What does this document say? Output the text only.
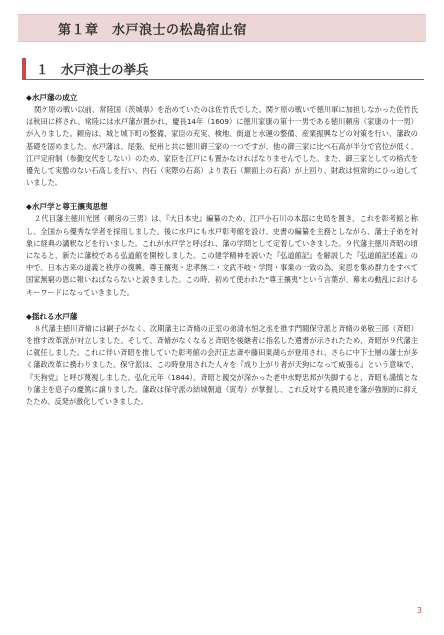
第１章　水戸浪士の松島宿止宿
１　水戸浪士の挙兵

◆水戸藩の成立

関ケ原の戦い以前、常陸国（茨城県）を治めていたのは佐竹氏でした。関ケ原の戦いで徳川軍に加担しなかった佐竹氏は秋田に移され、常陸には水戸藩が置かれ、慶長14年（1609）に徳川家康の第十一男である徳川頼房（家康の十一男）が入りました。頼房は、城と城下町の整備、家臣の充実、検地、街道と水運の整備、産業振興などの対策を行い、藩政の基礎を固めました。水戸藩は、尾張、紀州と共に徳川御三家の一つですが、他の御三家に比べ石高が半分で官位が低く、江戸定府制（参勤交代をしない）のため、家臣を江戸にも置かなければなりませんでした。また、御三家としての格式を優先して実態のない石高しを行い、内石（実際の石高）より表石（額面上の石高）が上回り、財政は恒常的にひっ迫していました。

◆水戸学と尊王攘夷思想

２代目藩主徳川光圀（頼房の三男）は、『大日本史』編纂のため、江戸小石川の本邸に史局を置き、これを彰考館と称し、全国から優秀な学者を採用しました。後に水戸にも水戸彰考館を設け、史書の編纂を主務としながら、藩士子弟を対象に経典の講釈などを行いました。これが水戸学と呼ばれ、藩の学問として定着していきました。９代藩主徳川斉昭の頃になると、新たに藩校である弘道館を開校しました。この建学精神を説いた『弘道館記』を解説した『弘道館記述義』の中で、日本古来の道義と秩序の復興、尊王攘夷・忠孝無二・文武不岐・学問・事業の一致の為、実思を集め群力をすべて国家無窮の恩に報いねばならないと説きました。この時、初めて使われた“尊王攘夷”という言葉が、幕末の動乱におけるキーワードになっていきました。

◆揺れる水戸藩

８代藩主徳川斉脩には嗣子がなく、次期藩主に斉脩の正室の弟清水恒之丞を推す門閥保守派と斉脩の弟敬三郎（斉昭）を推す改革派が対立しました。そして、斉脩がなくなると斉昭を後継者に指名した遺書が示されたため、斉昭が９代藩主に就任しました。これに伴い斉昭を推していた彰考館の会沢正志斎や藤田東湖らが登用され、さらに中下士層の藩士が多く藩政改革に携わりました。保守派は、この時登用された人々を『成り上がり者が天狗になって威張る』という意味で、『天狗党』と呼び蔑視しました。弘化元年（1844）、斉昭と親交が深かった老中水野忠邦が失脚すると、斉昭も謹慎となり藩主を息子の慶篤に譲りました。藩政は保守派の結城朝道（寅寿）が掌握し、これ反対する農民達を藩が強制的に抑えたため、反発が激化していきました。

3
